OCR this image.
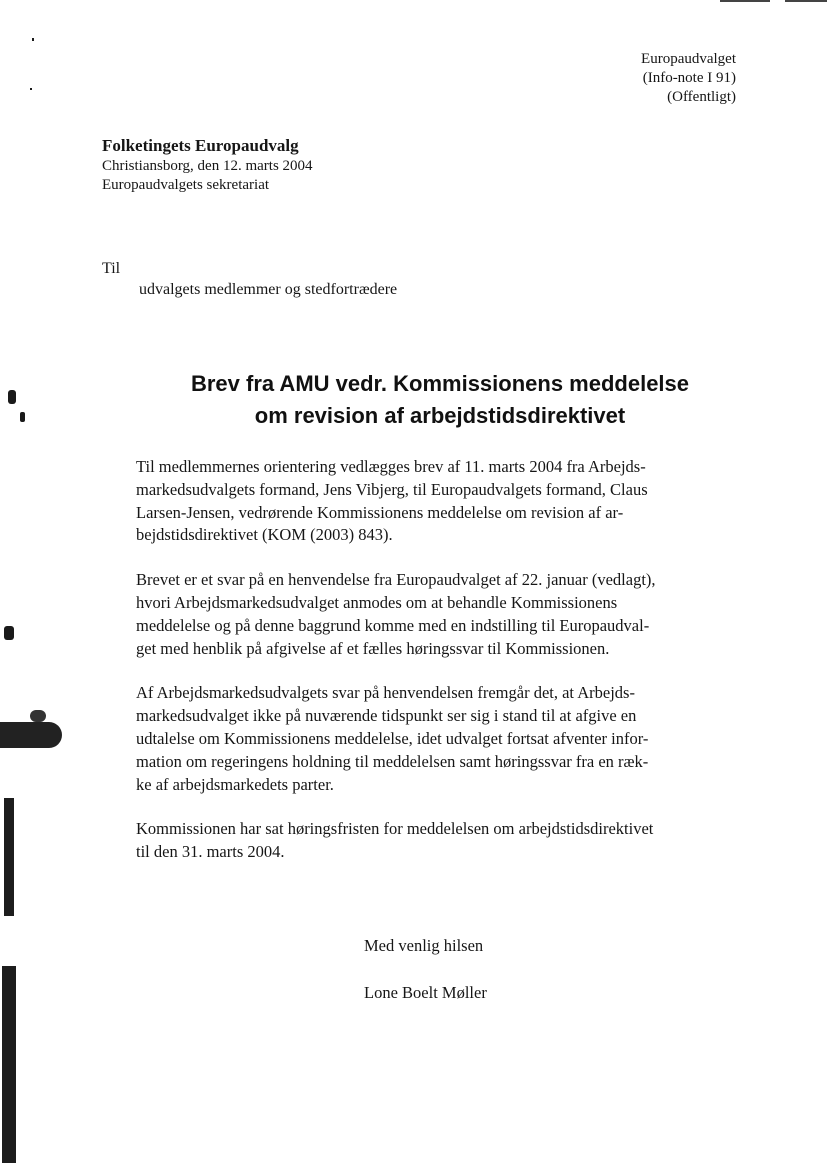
Europaudvalget
(Info-note I 91)
(Offentligt)
Folketingets Europaudvalg
Christiansborg, den 12. marts 2004
Europaudvalgets sekretariat
Til
udvalgets medlemmer og stedfortrædere
Brev fra AMU vedr. Kommissionens meddelelse
om revision af arbejdstidsdirektivet

Til medlemmernes orientering vedlægges brev af 11. marts 2004 fra Arbejds-
markedsudvalgets formand, Jens Vibjerg, til Europaudvalgets formand, Claus
Larsen-Jensen, vedrørende Kommissionens meddelelse om revision af ar-
bejdstidsdirektivet (KOM (2003) 843).

Brevet er et svar på en henvendelse fra Europaudvalget af 22. januar (vedlagt),
hvori Arbejdsmarkedsudvalget anmodes om at behandle Kommissionens
meddelelse og på denne baggrund komme med en indstilling til Europaudval-
get med henblik på afgivelse af et fælles høringssvar til Kommissionen.

Af Arbejdsmarkedsudvalgets svar på henvendelsen fremgår det, at Arbejds-
markedsudvalget ikke på nuværende tidspunkt ser sig i stand til at afgive en
udtalelse om Kommissionens meddelelse, idet udvalget fortsat afventer infor-
mation om regeringens holdning til meddelelsen samt høringssvar fra en ræk-
ke af arbejdsmarkedets parter.

Kommissionen har sat høringsfristen for meddelelsen om arbejdstidsdirektivet
til den 31. marts 2004.

Med venlig hilsen
Lone Boelt Møller
